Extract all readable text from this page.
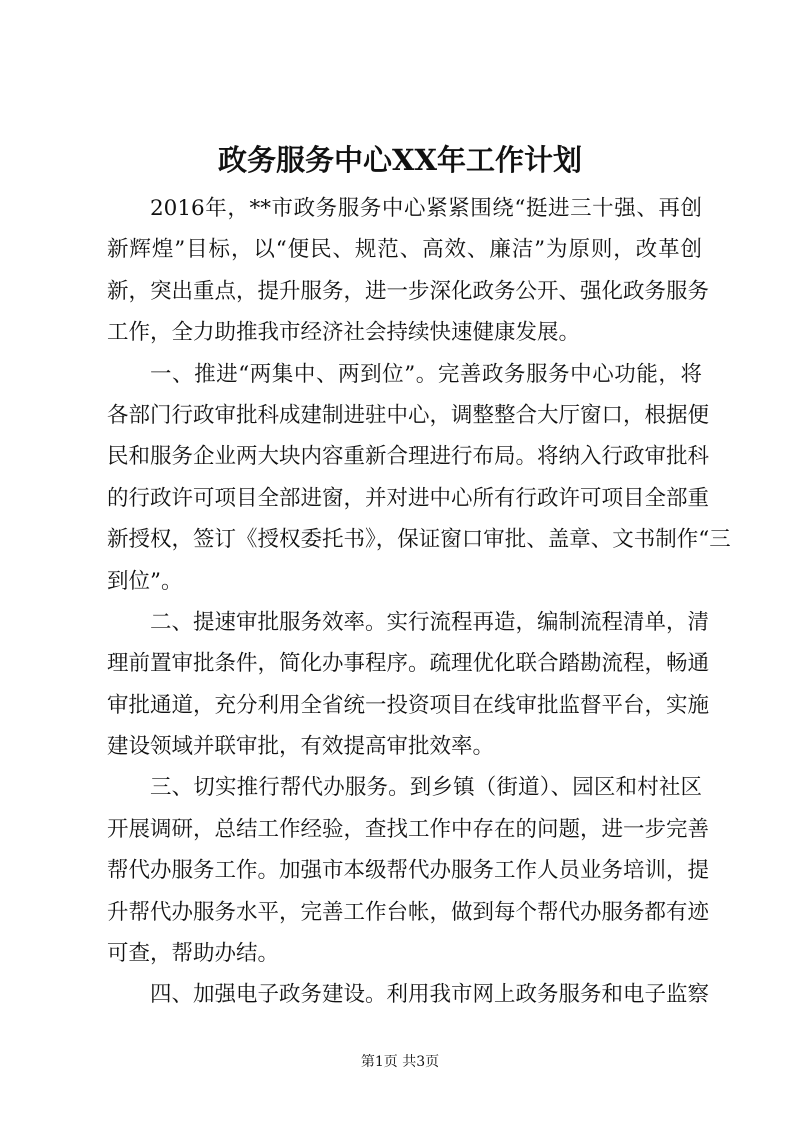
政务服务中心XX年工作计划
2016年，**市政务服务中心紧紧围绕“挺进三十强、再创
新辉煌”目标，以“便民、规范、高效、廉洁”为原则，改革创
新，突出重点，提升服务，进一步深化政务公开、强化政务服务
工作，全力助推我市经济社会持续快速健康发展。
一、推进“两集中、两到位”。完善政务服务中心功能，将
各部门行政审批科成建制进驻中心，调整整合大厅窗口，根据便
民和服务企业两大块内容重新合理进行布局。将纳入行政审批科
的行政许可项目全部进窗，并对进中心所有行政许可项目全部重
新授权，签订《授权委托书》，保证窗口审批、盖章、文书制作“三
到位”。
二、提速审批服务效率。实行流程再造，编制流程清单，清
理前置审批条件，简化办事程序。疏理优化联合踏勘流程，畅通
审批通道，充分利用全省统一投资项目在线审批监督平台，实施
建设领域并联审批，有效提高审批效率。
三、切实推行帮代办服务。到乡镇（街道）、园区和村社区
开展调研，总结工作经验，查找工作中存在的问题，进一步完善
帮代办服务工作。加强市本级帮代办服务工作人员业务培训，提
升帮代办服务水平，完善工作台帐，做到每个帮代办服务都有迹
可查，帮助办结。
四、加强电子政务建设。利用我市网上政务服务和电子监察
第1页 共3页
